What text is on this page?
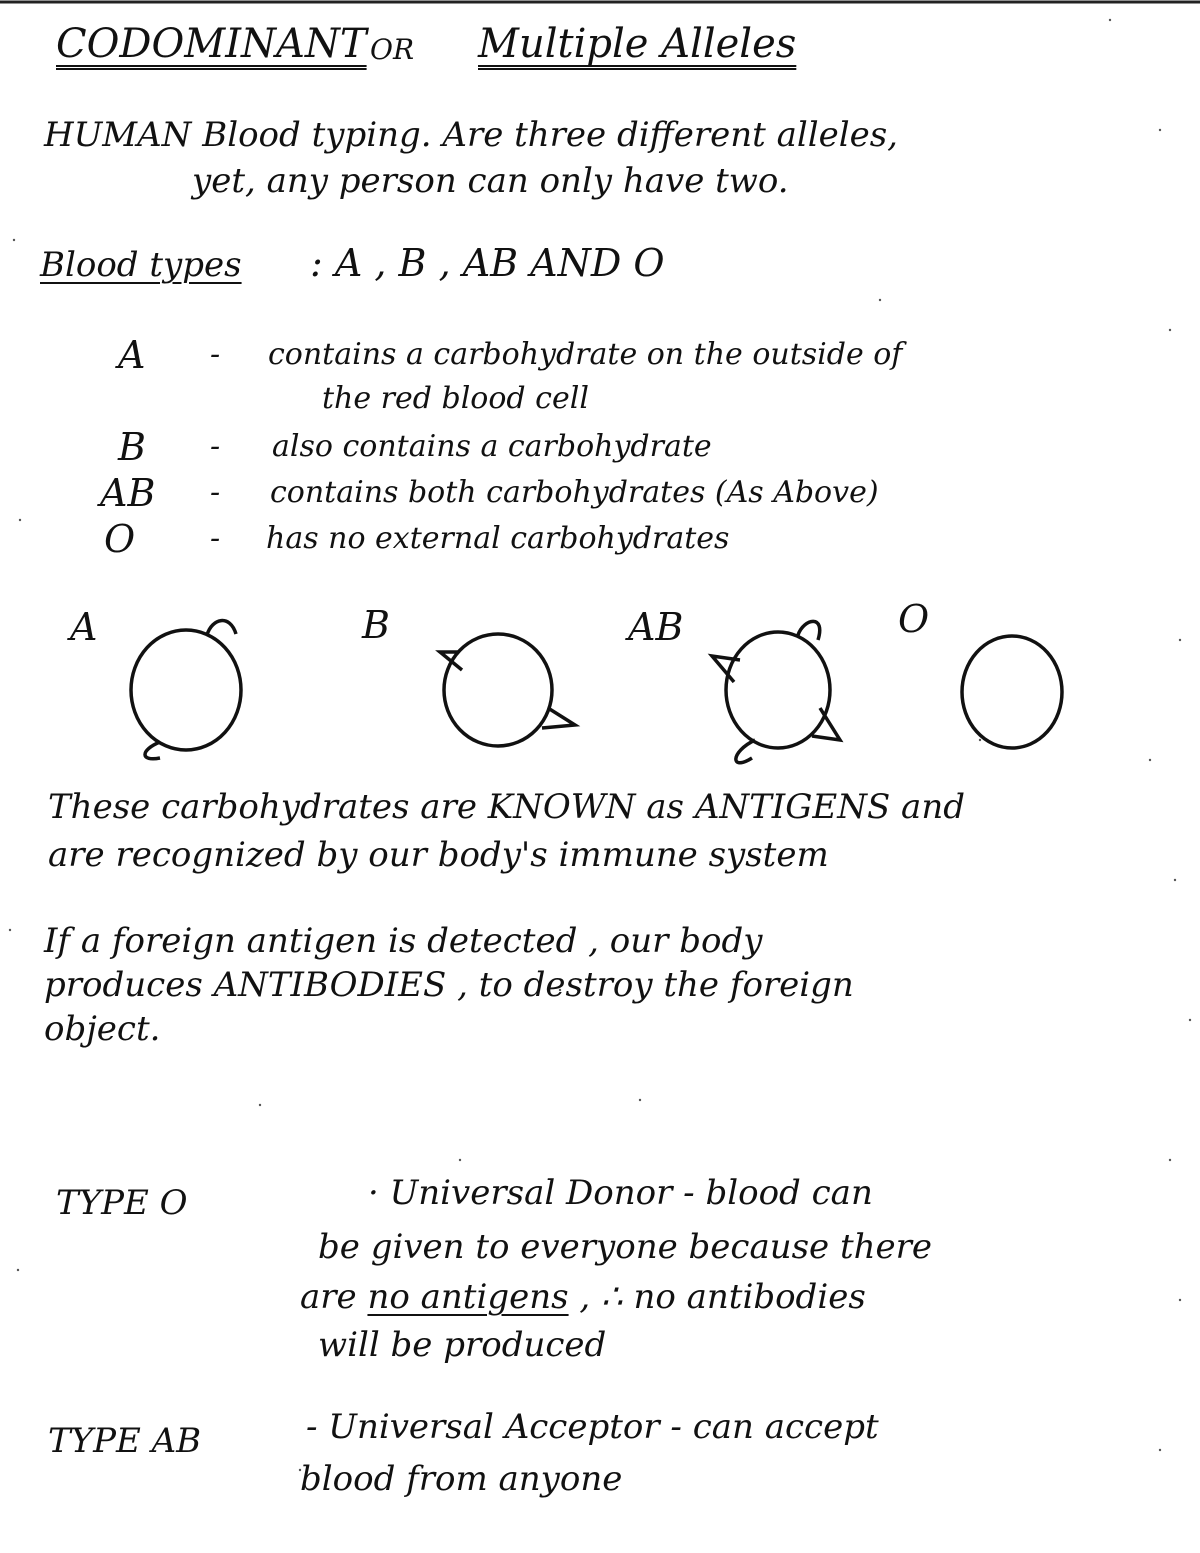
CODOMINANT OR Multiple Alleles
HUMAN Blood typing. Are three different alleles,
yet, any person can only have two.
Blood types : A , B , AB AND O
A - contains a carbohydrate on the outside of
the red blood cell
B - also contains a carbohydrate
AB - contains both carbohydrates (As Above)
O - has no external carbohydrates
A	B	AB	O
These carbohydrates are KNOWN as ANTIGENS and
are recognized by our body's immune system
If a foreign antigen is detected , our body
produces ANTIBODIES , to destroy the foreign
object.
TYPE O	· Universal Donor - blood can
be given to everyone because there
are no antigens , ∴ no antibodies
will be produced
TYPE AB	- Universal Acceptor - can accept
blood from anyone
